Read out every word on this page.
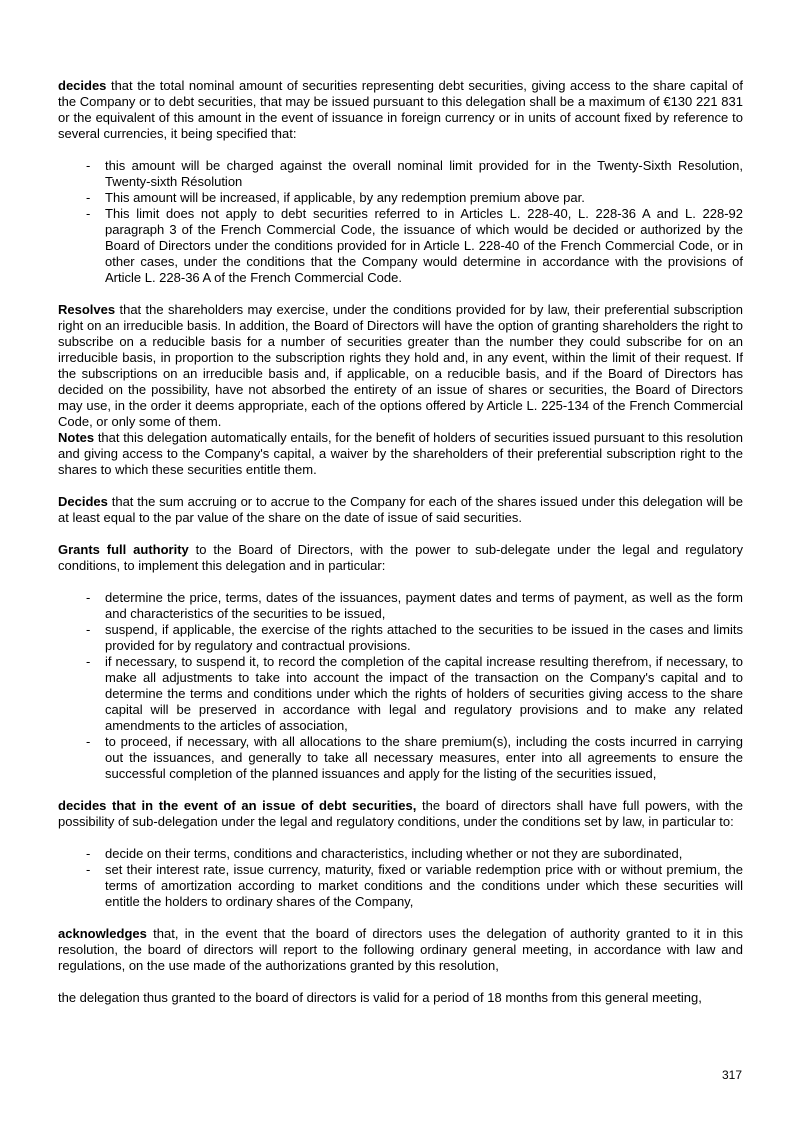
decides that the total nominal amount of securities representing debt securities, giving access to the share capital of the Company or to debt securities, that may be issued pursuant to this delegation shall be a maximum of €130 221 831 or the equivalent of this amount in the event of issuance in foreign currency or in units of account fixed by reference to several currencies, it being specified that:

- this amount will be charged against the overall nominal limit provided for in the Twenty-Sixth Resolution, Twenty-sixth Résolution
- This amount will be increased, if applicable, by any redemption premium above par.
- This limit does not apply to debt securities referred to in Articles L. 228-40, L. 228-36 A and L. 228-92 paragraph 3 of the French Commercial Code, the issuance of which would be decided or authorized by the Board of Directors under the conditions provided for in Article L. 228-40 of the French Commercial Code, or in other cases, under the conditions that the Company would determine in accordance with the provisions of Article L. 228-36 A of the French Commercial Code.

Resolves that the shareholders may exercise, under the conditions provided for by law, their preferential subscription right on an irreducible basis. In addition, the Board of Directors will have the option of granting shareholders the right to subscribe on a reducible basis for a number of securities greater than the number they could subscribe for on an irreducible basis, in proportion to the subscription rights they hold and, in any event, within the limit of their request. If the subscriptions on an irreducible basis and, if applicable, on a reducible basis, and if the Board of Directors has decided on the possibility, have not absorbed the entirety of an issue of shares or securities, the Board of Directors may use, in the order it deems appropriate, each of the options offered by Article L. 225-134 of the French Commercial Code, or only some of them.

Notes that this delegation automatically entails, for the benefit of holders of securities issued pursuant to this resolution and giving access to the Company's capital, a waiver by the shareholders of their preferential subscription right to the shares to which these securities entitle them.

Decides that the sum accruing or to accrue to the Company for each of the shares issued under this delegation will be at least equal to the par value of the share on the date of issue of said securities.

Grants full authority to the Board of Directors, with the power to sub-delegate under the legal and regulatory conditions, to implement this delegation and in particular:

- determine the price, terms, dates of the issuances, payment dates and terms of payment, as well as the form and characteristics of the securities to be issued,
- suspend, if applicable, the exercise of the rights attached to the securities to be issued in the cases and limits provided for by regulatory and contractual provisions.
- if necessary, to suspend it, to record the completion of the capital increase resulting therefrom, if necessary, to make all adjustments to take into account the impact of the transaction on the Company's capital and to determine the terms and conditions under which the rights of holders of securities giving access to the share capital will be preserved in accordance with legal and regulatory provisions and to make any related amendments to the articles of association,
- to proceed, if necessary, with all allocations to the share premium(s), including the costs incurred in carrying out the issuances, and generally to take all necessary measures, enter into all agreements to ensure the successful completion of the planned issuances and apply for the listing of the securities issued,

decides that in the event of an issue of debt securities, the board of directors shall have full powers, with the possibility of sub-delegation under the legal and regulatory conditions, under the conditions set by law, in particular to:

- decide on their terms, conditions and characteristics, including whether or not they are subordinated,
- set their interest rate, issue currency, maturity, fixed or variable redemption price with or without premium, the terms of amortization according to market conditions and the conditions under which these securities will entitle the holders to ordinary shares of the Company,

acknowledges that, in the event that the board of directors uses the delegation of authority granted to it in this resolution, the board of directors will report to the following ordinary general meeting, in accordance with law and regulations, on the use made of the authorizations granted by this resolution,

the delegation thus granted to the board of directors is valid for a period of 18 months from this general meeting,

317
